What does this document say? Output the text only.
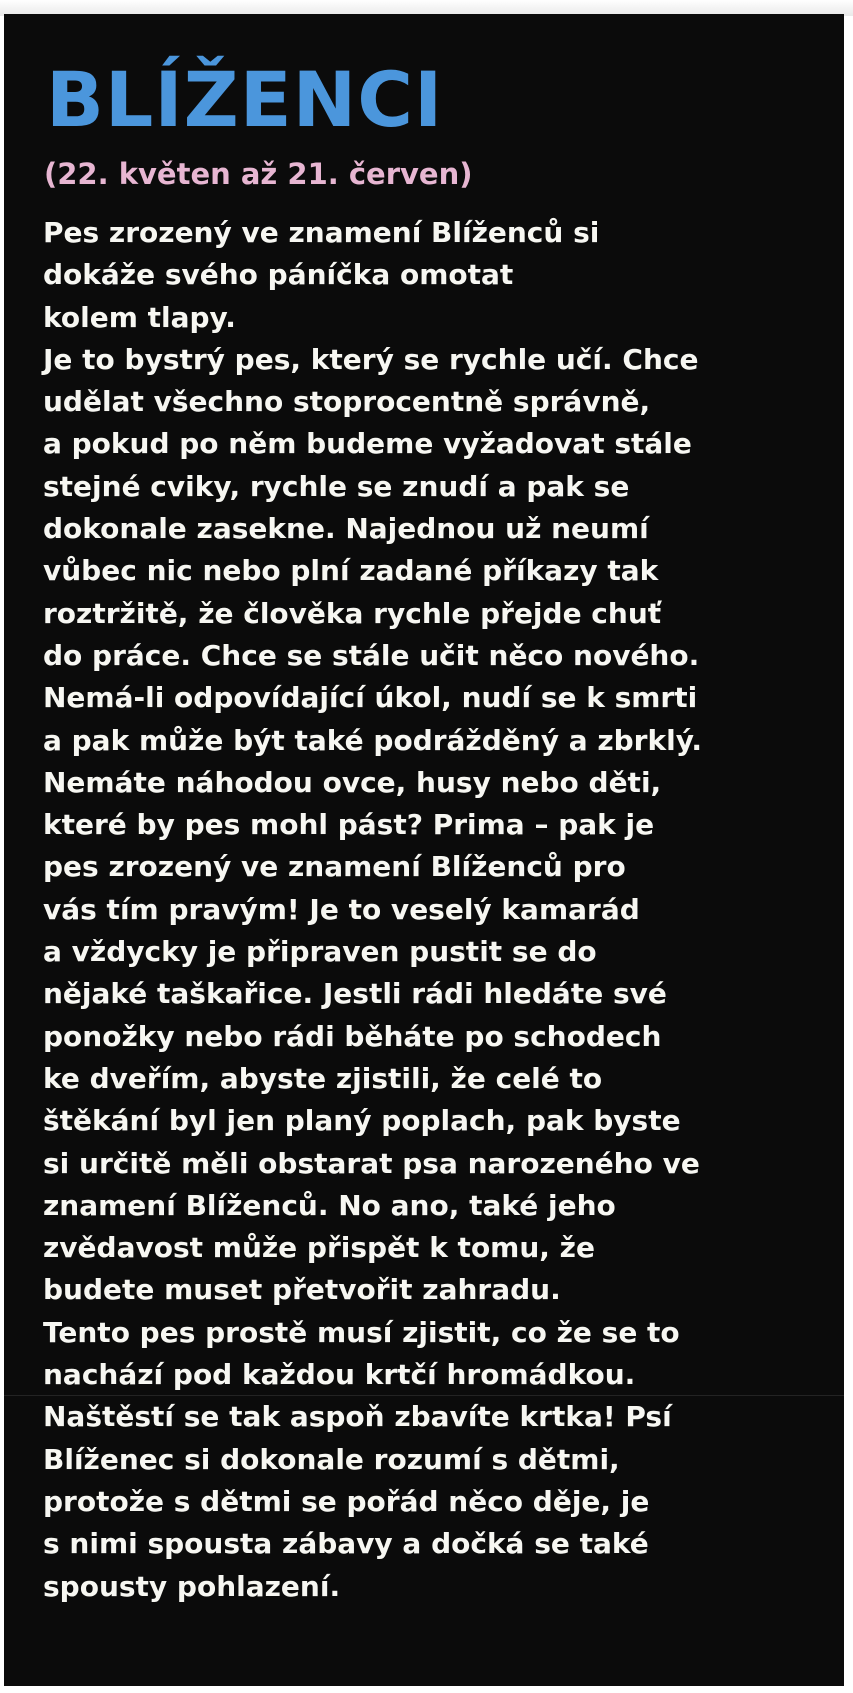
BLÍŽENCI

(22. květen až 21. červen)

Pes zrozený ve znamení Blíženců si
dokáže svého páníčka omotat
kolem tlapy.
Je to bystrý pes, který se rychle učí. Chce
udělat všechno stoprocentně správně,
a pokud po něm budeme vyžadovat stále
stejné cviky, rychle se znudí a pak se
dokonale zasekne. Najednou už neumí
vůbec nic nebo plní zadané příkazy tak
roztržitě, že člověka rychle přejde chuť
do práce. Chce se stále učit něco nového.
Nemá-li odpovídající úkol, nudí se k smrti
a pak může být také podrážděný a zbrklý.
Nemáte náhodou ovce, husy nebo děti,
které by pes mohl pást? Prima – pak je
pes zrozený ve znamení Blíženců pro
vás tím pravým! Je to veselý kamarád
a vždycky je připraven pustit se do
nějaké taškařice. Jestli rádi hledáte své
ponožky nebo rádi běháte po schodech
ke dveřím, abyste zjistili, že celé to
štěkání byl jen planý poplach, pak byste
si určitě měli obstarat psa narozeného ve
znamení Blíženců. No ano, také jeho
zvědavost může přispět k tomu, že
budete muset přetvořit zahradu.
Tento pes prostě musí zjistit, co že se to
nachází pod každou krtčí hromádkou.
Naštěstí se tak aspoň zbavíte krtka! Psí
Blíženec si dokonale rozumí s dětmi,
protože s dětmi se pořád něco děje, je
s nimi spousta zábavy a dočká se také
spousty pohlazení.
